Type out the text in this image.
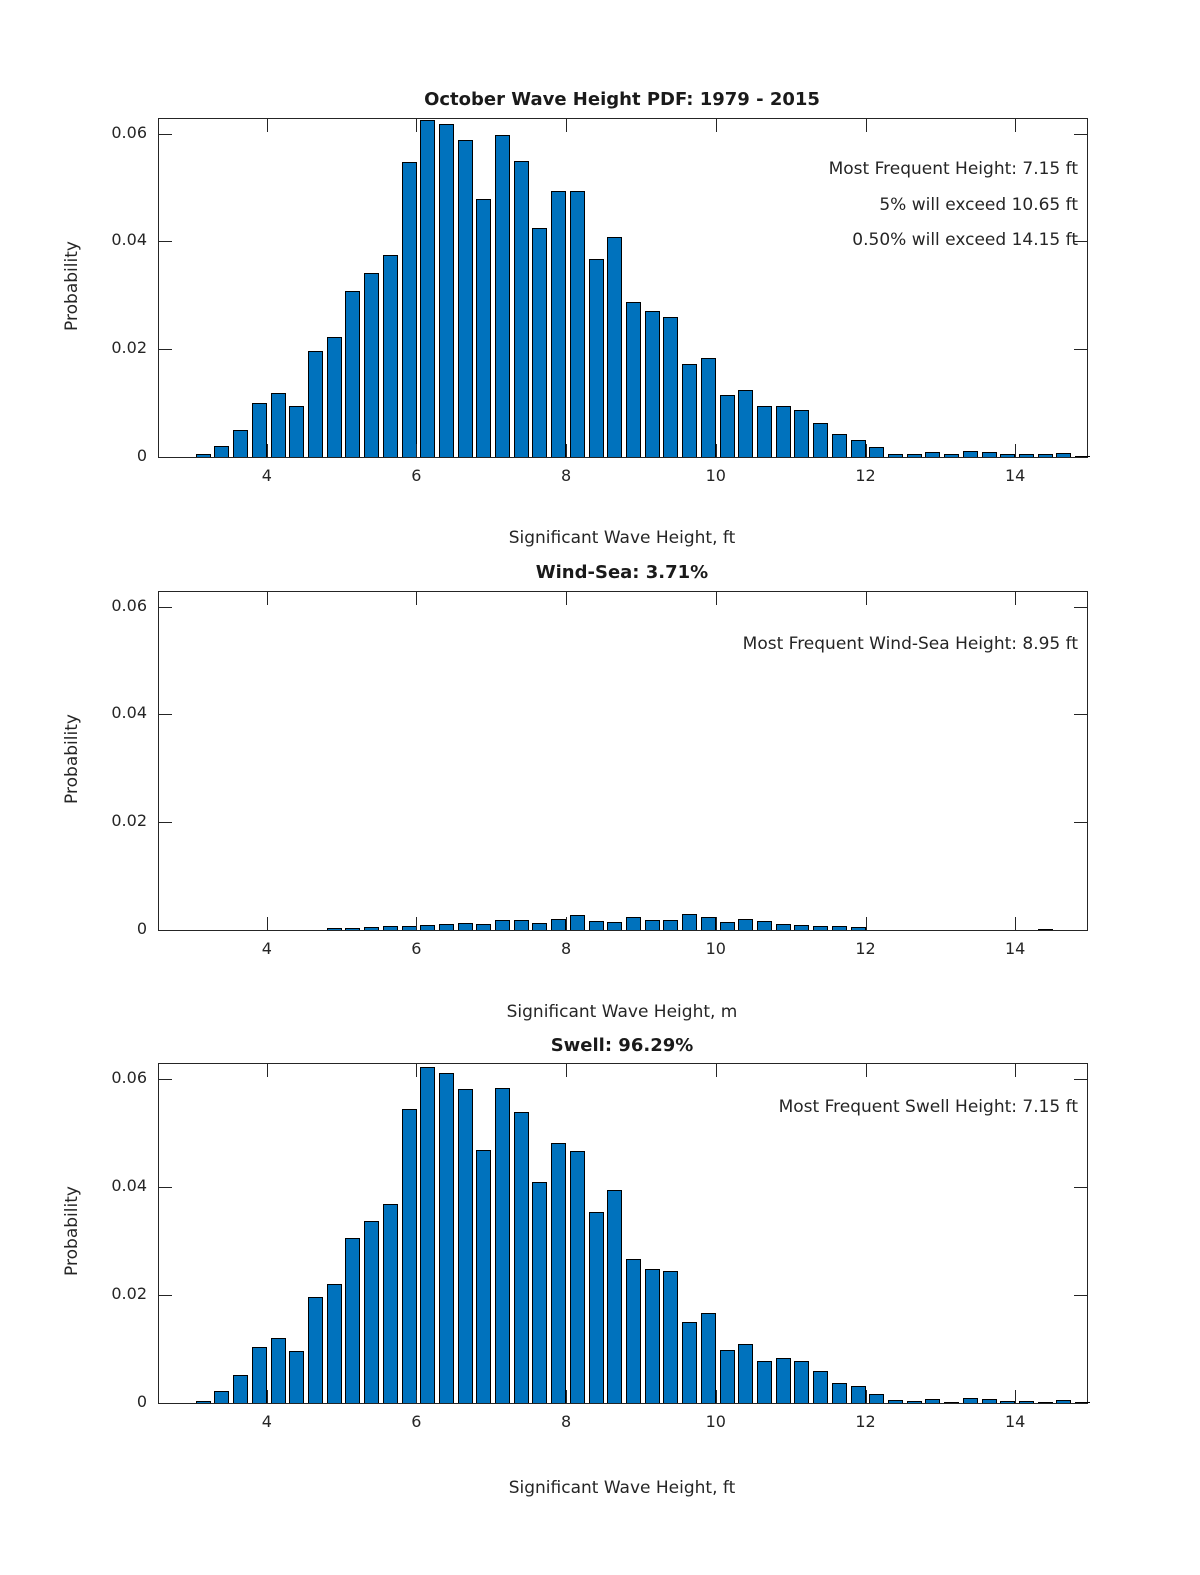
October Wave Height PDF: 1979 - 2015
Probability
4	6	8	10	12	14
0
0.02
0.04
0.06
Most Frequent Height: 7.15 ft
5% will exceed 10.65 ft
0.50% will exceed 14.15 ft
Significant Wave Height, ft
Wind-Sea: 3.71%
Probability
4	6	8	10	12	14
0
0.02
0.04
0.06
Most Frequent Wind-Sea Height: 8.95 ft
Significant Wave Height, m
Swell: 96.29%
Probability
4	6	8	10	12	14
0
0.02
0.04
0.06
Most Frequent Swell Height: 7.15 ft
Significant Wave Height, ft
